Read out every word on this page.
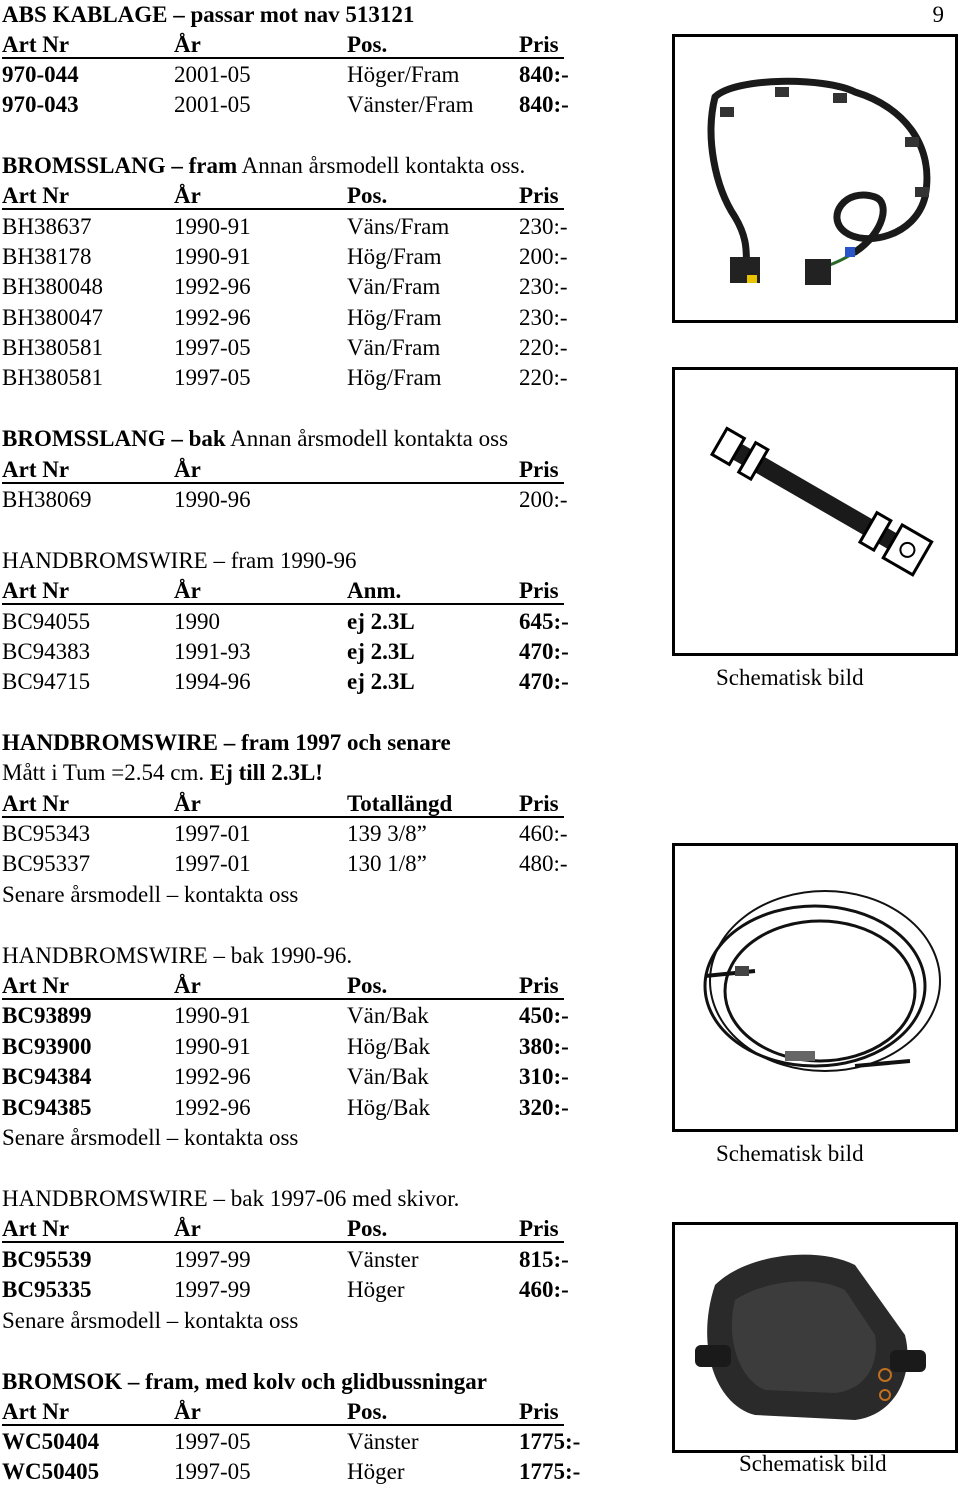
9
ABS KABLAGE – passar mot nav 513121
Art Nr	År	Pos.	Pris
970-044	2001-05	Höger/Fram	840:-
970-043	2001-05	Vänster/Fram 840:-
BROMSSLANG – fram Annan årsmodell kontakta oss.
Art Nr	År	Pos.	Pris
BH38637	1990-91	Väns/Fram	230:-
BH38178	1990-91	Hög/Fram	200:-
BH380048	1992-96	Vän/Fram	230:-
BH380047	1992-96	Hög/Fram	230:-
BH380581	1997-05	Vän/Fram	220:-
BH380581	1997-05	Hög/Fram	220:-
BROMSSLANG – bak Annan årsmodell kontakta oss
Art Nr	År	Pris
BH38069	1990-96	200:-
HANDBROMSWIRE – fram 1990-96
Art Nr	År	Anm.	Pris
BC94055	1990	ej 2.3L	645:-
BC94383	1991-93	ej 2.3L	470:-
BC94715	1994-96	ej 2.3L	470:-
HANDBROMSWIRE – fram 1997 och senare
Mått i Tum =2.54 cm. Ej till 2.3L!
Art Nr	År	Totallängd	Pris
BC95343	1997-01	139 3/8”	460:-
BC95337	1997-01	130 1/8”	480:-
Senare årsmodell – kontakta oss
HANDBROMSWIRE – bak 1990-96.
Art Nr	År	Pos.	Pris
BC93899	1990-91	Vän/Bak	450:-
BC93900	1990-91	Hög/Bak	380:-
BC94384	1992-96	Vän/Bak	310:-
BC94385	1992-96	Hög/Bak	320:-
Senare årsmodell – kontakta oss
HANDBROMSWIRE – bak 1997-06 med skivor.
Art Nr	År	Pos.	Pris
BC95539	1997-99	Vänster	815:-
BC95335	1997-99	Höger	460:-
Senare årsmodell – kontakta oss
BROMSOK – fram, med kolv och glidbussningar
Art Nr	År	Pos.	Pris
WC50404	1997-05	Vänster	1775:-
WC50405	1997-05	Höger	1775:-
Schematisk bild
Schematisk bild
Schematisk bild
